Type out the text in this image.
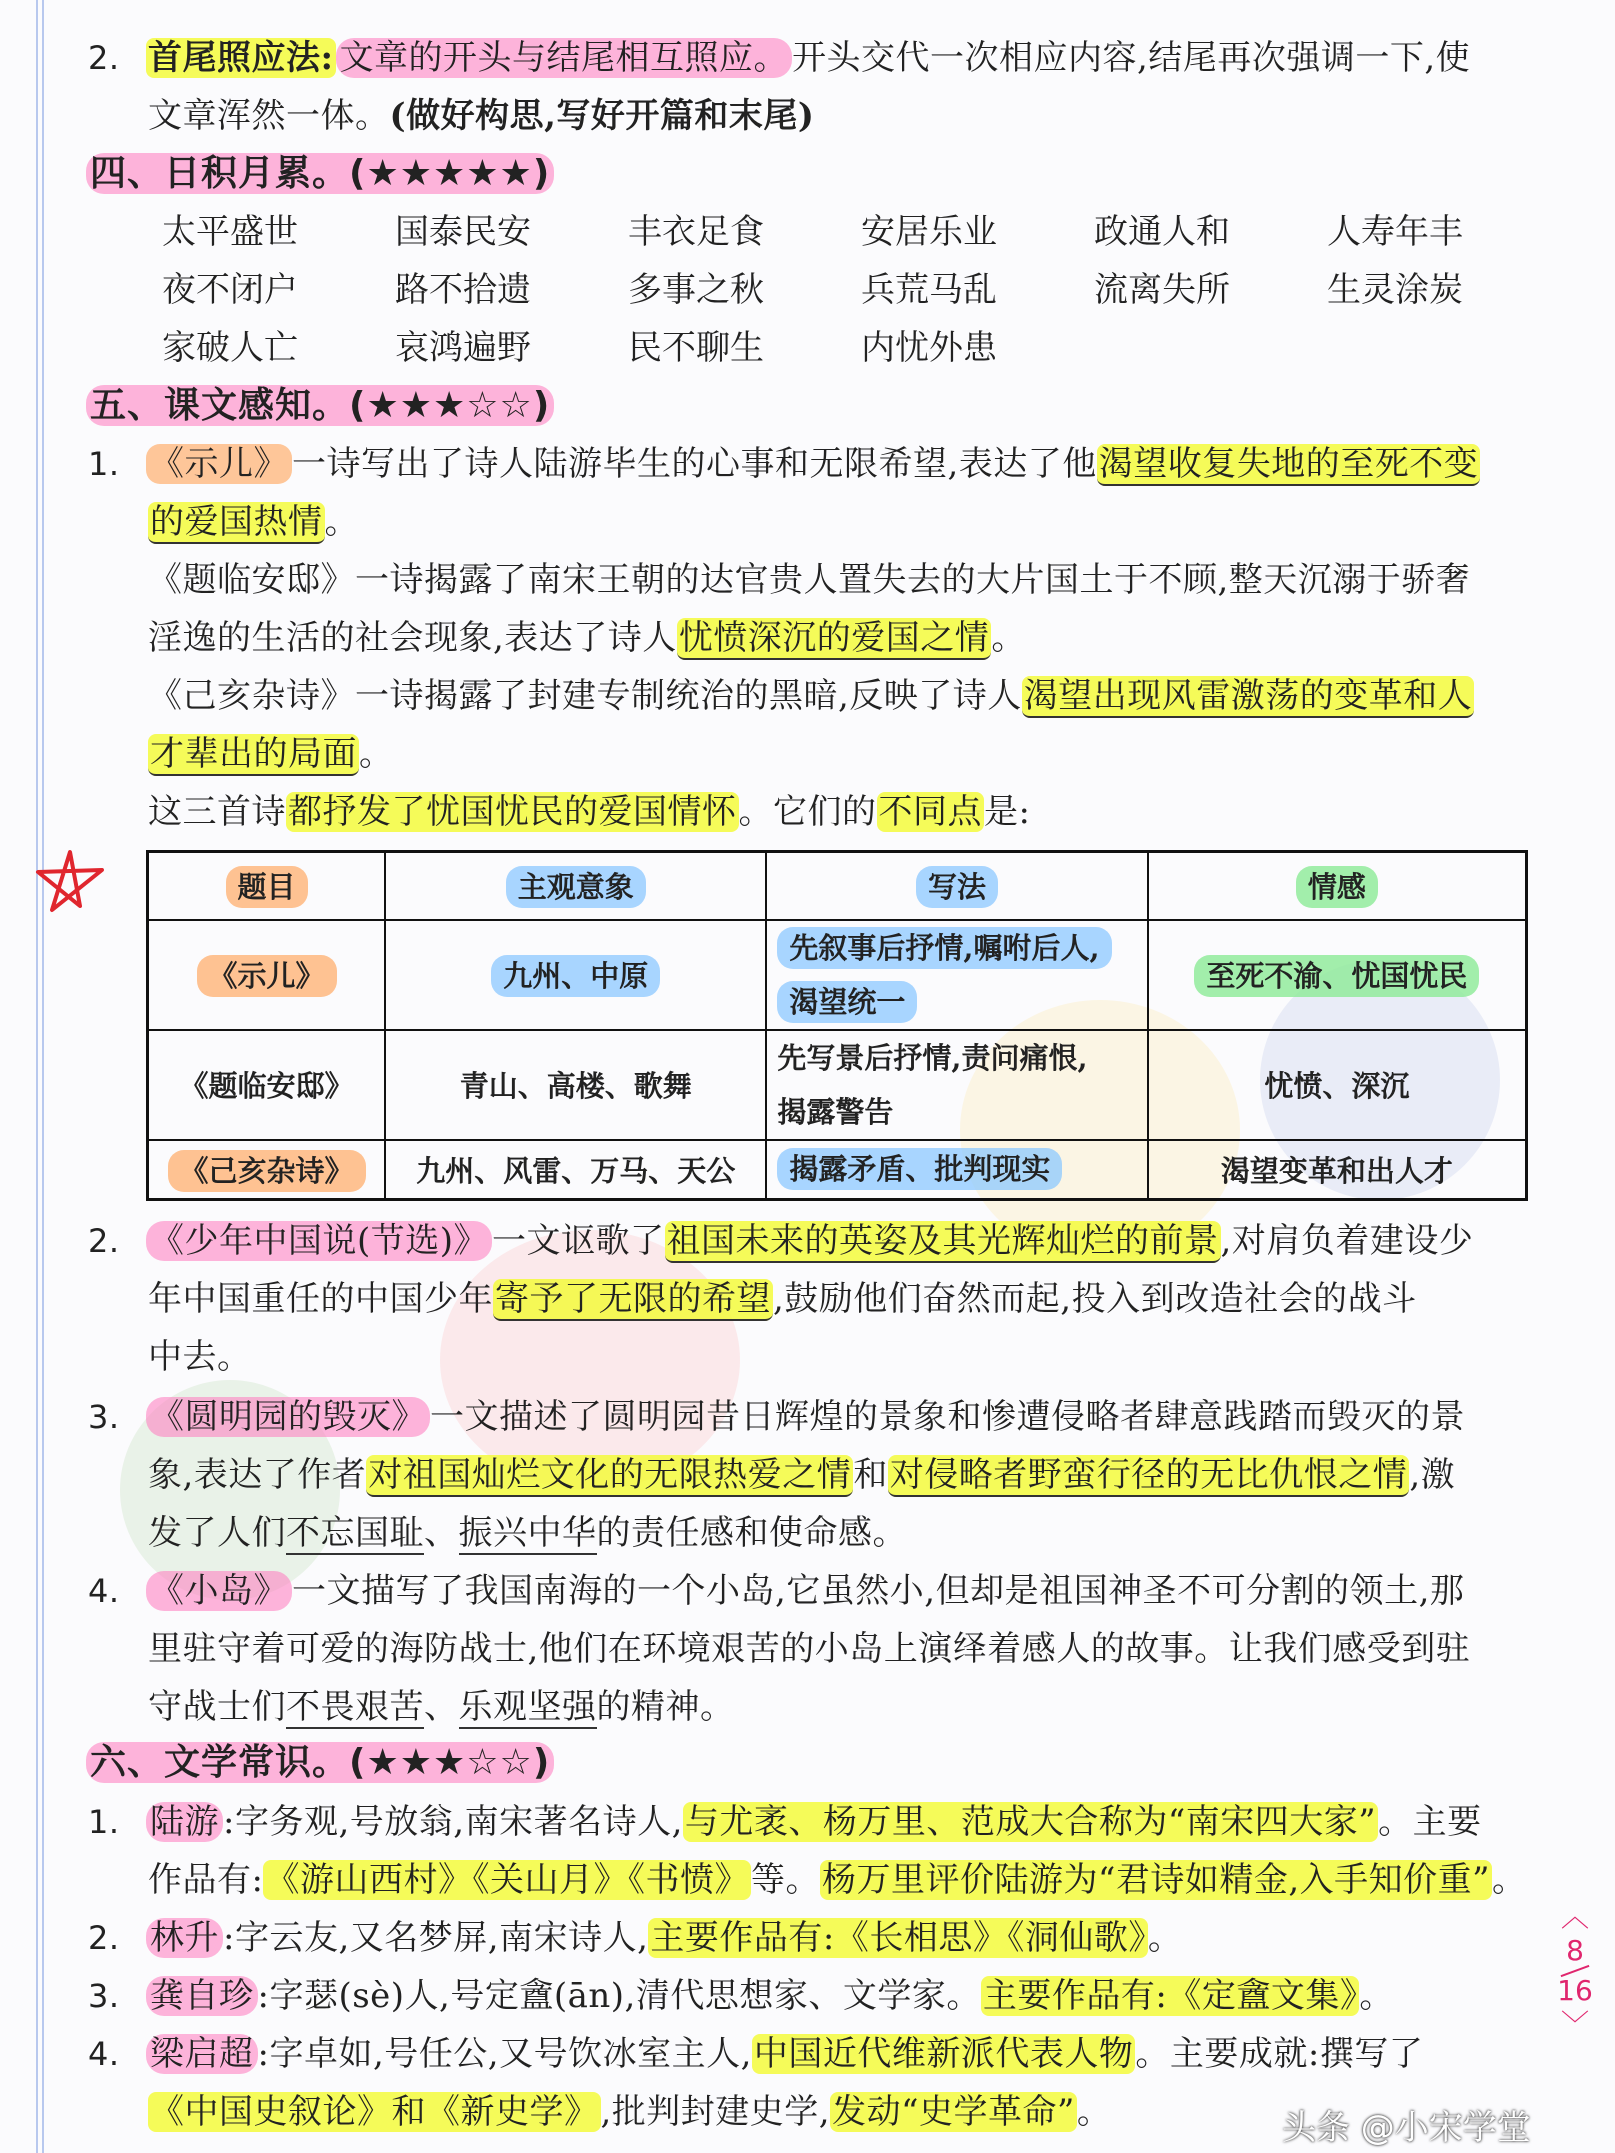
2. 首尾照应法: 文章的开头与结尾相互照应。 开头交代一次相应内容,结尾再次强调一下,使
文章浑然一体。(做好构思,写好开篇和末尾)
四、日积月累。(★★★★★)
太平盛世	国泰民安	丰衣足食	安居乐业	政通人和	人寿年丰
夜不闭户	路不拾遗	多事之秋	兵荒马乱	流离失所	生灵涂炭
家破人亡	哀鸿遍野	民不聊生	内忧外患
五、课文感知。(★★★☆☆)
1. 《示儿》 一诗写出了诗人陆游毕生的心事和无限希望,表达了他渴望收复失地的至死不变
的爱国热情。
《题临安邸》一诗揭露了南宋王朝的达官贵人置失去的大片国土于不顾,整天沉溺于骄奢
淫逸的生活的社会现象,表达了诗人忧愤深沉的爱国之情。
《己亥杂诗》一诗揭露了封建专制统治的黑暗,反映了诗人渴望出现风雷激荡的变革和人
才辈出的局面。
这三首诗都抒发了忧国忧民的爱国情怀。它们的不同点是:
题目	主观意象	写法	情感
《示儿》	九州、中原	先叙事后抒情,嘱咐后人,
渴望统一	至死不渝、忧国忧民
《题临安邸》	青山、高楼、歌舞	先写景后抒情,责问痛恨,
揭露警告	忧愤、深沉
《己亥杂诗》	九州、风雷、万马、天公	揭露矛盾、批判现实	渴望变革和出人才
2. 《少年中国说(节选)》 一文讴歌了祖国未来的英姿及其光辉灿烂的前景,对肩负着建设少
年中国重任的中国少年寄予了无限的希望,鼓励他们奋然而起,投入到改造社会的战斗
中去。
3. 《圆明园的毁灭》 一文描述了圆明园昔日辉煌的景象和惨遭侵略者肆意践踏而毁灭的景
象,表达了作者对祖国灿烂文化的无限热爱之情和对侵略者野蛮行径的无比仇恨之情,激
发了人们不忘国耻、振兴中华的责任感和使命感。
4. 《小岛》 一文描写了我国南海的一个小岛,它虽然小,但却是祖国神圣不可分割的领土,那
里驻守着可爱的海防战士,他们在环境艰苦的小岛上演绎着感人的故事。让我们感受到驻
守战士们不畏艰苦、乐观坚强的精神。
六、文学常识。(★★★☆☆)
1. 陆游 :字务观,号放翁,南宋著名诗人,与尤袤、杨万里、范成大合称为“南宋四大家”。主要
作品有:《游山西村》《关山月》《书愤》等。杨万里评价陆游为“君诗如精金,入手知价重”。
2. 林升 :字云友,又名梦屏,南宋诗人,主要作品有:《长相思》《洞仙歌》。
3. 龚自珍 :字瑟(sè)人,号定盦(ān),清代思想家、文学家。主要作品有:《定盦文集》。
4. 梁启超 :字卓如,号任公,又号饮冰室主人,中国近代维新派代表人物。主要成就:撰写了
《中国史叙论》和《新史学》,批判封建史学,发动“史学革命”。
︿
8
16
﹀
头条 @小宋学堂
